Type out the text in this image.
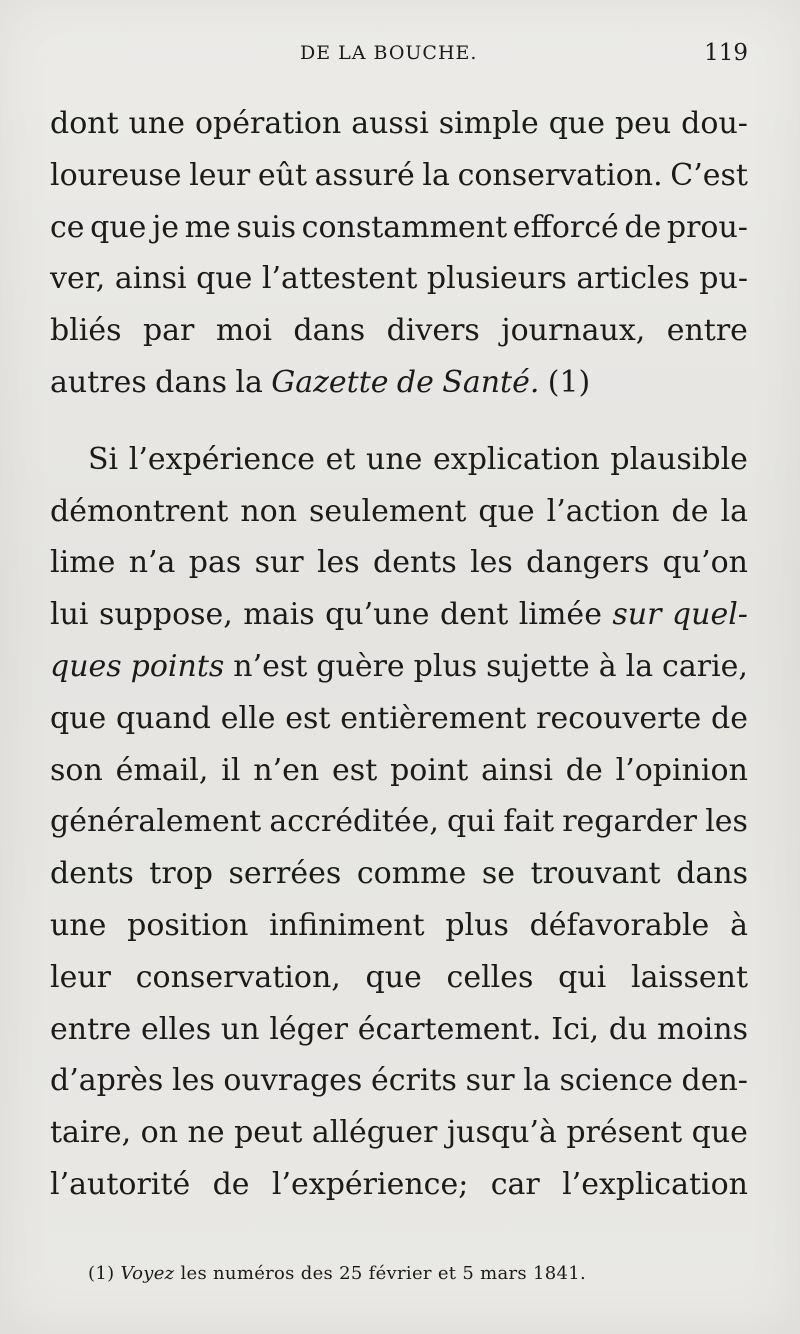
DE LA BOUCHE.	119
dont une opération aussi simple que peu dou-
loureuse leur eût assuré la conservation. C’est
ce que je me suis constamment efforcé de prou-
ver, ainsi que l’attestent plusieurs articles pu-
bliés par moi dans divers journaux, entre
autres dans la Gazette de Santé. (1)
Si l’expérience et une explication plausible
démontrent non seulement que l’action de la
lime n’a pas sur les dents les dangers qu’on
lui suppose, mais qu’une dent limée sur quel-
ques points n’est guère plus sujette à la carie,
que quand elle est entièrement recouverte de
son émail, il n’en est point ainsi de l’opinion
généralement accréditée, qui fait regarder les
dents trop serrées comme se trouvant dans
une position infiniment plus défavorable à
leur conservation, que celles qui laissent
entre elles un léger écartement. Ici, du moins
d’après les ouvrages écrits sur la science den-
taire, on ne peut alléguer jusqu’à présent que
l’autorité de l’expérience; car l’explication
(1) Voyez les numéros des 25 février et 5 mars 1841.
